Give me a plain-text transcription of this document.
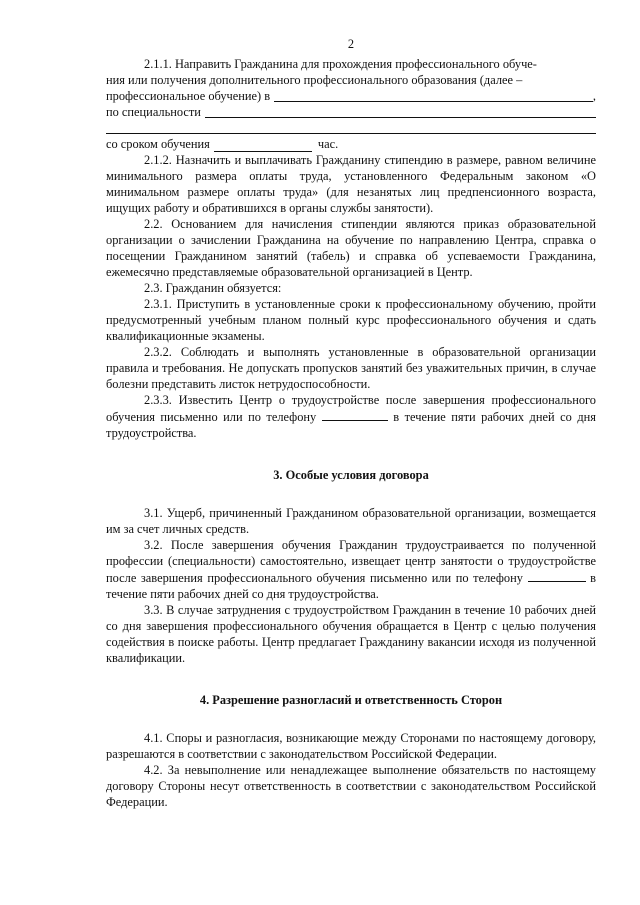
2

2.1.1. Направить Гражданина для прохождения профессионального обуче-

ния или получения дополнительного профессионального образования (далее –

профессиональное обучение) в	,
по специальности
со сроком обучения	час.

2.1.2. Назначить и выплачивать Гражданину стипендию в размере, равном величине минимального размера оплаты труда, установленного Федеральным законом «О минимальном размере оплаты труда» (для незанятых лиц предпенсионного возраста, ищущих работу и обратившихся в органы службы занятости).

2.2. Основанием для начисления стипендии являются приказ образовательной организации о зачислении Гражданина на обучение по направлению Центра, справка о посещении Гражданином занятий (табель) и справка об успеваемости Гражданина, ежемесячно представляемые образовательной организацией в Центр.

2.3. Гражданин обязуется:

2.3.1. Приступить в установленные сроки к профессиональному обучению, пройти предусмотренный учебным планом полный курс профессионального обучения и сдать квалификационные экзамены.

2.3.2. Соблюдать и выполнять установленные в образовательной организации правила и требования. Не допускать пропусков занятий без уважительных причин, в случае болезни представить листок нетрудоспособности.

2.3.3. Известить Центр о трудоустройстве после завершения профессионального обучения письменно или по телефону	в течение пяти рабочих дней со дня трудоустройства.

3. Особые условия договора

3.1. Ущерб, причиненный Гражданином образовательной организации, возмещается им за счет личных средств.

3.2. После завершения обучения Гражданин трудоустраивается по полученной профессии (специальности) самостоятельно, извещает центр занятости о трудоустройстве после завершения профессионального обучения письменно или по телефону	в течение пяти рабочих дней со дня трудоустройства.

3.3. В случае затруднения с трудоустройством Гражданин в течение 10 рабочих дней со дня завершения профессионального обучения обращается в Центр с целью получения содействия в поиске работы. Центр предлагает Гражданину вакансии исходя из полученной квалификации.

4. Разрешение разногласий и ответственность Сторон

4.1. Споры и разногласия, возникающие между Сторонами по настоящему договору, разрешаются в соответствии с законодательством Российской Федерации.

4.2. За невыполнение или ненадлежащее выполнение обязательств по настоящему договору Стороны несут ответственность в соответствии с законодательством Российской Федерации.
